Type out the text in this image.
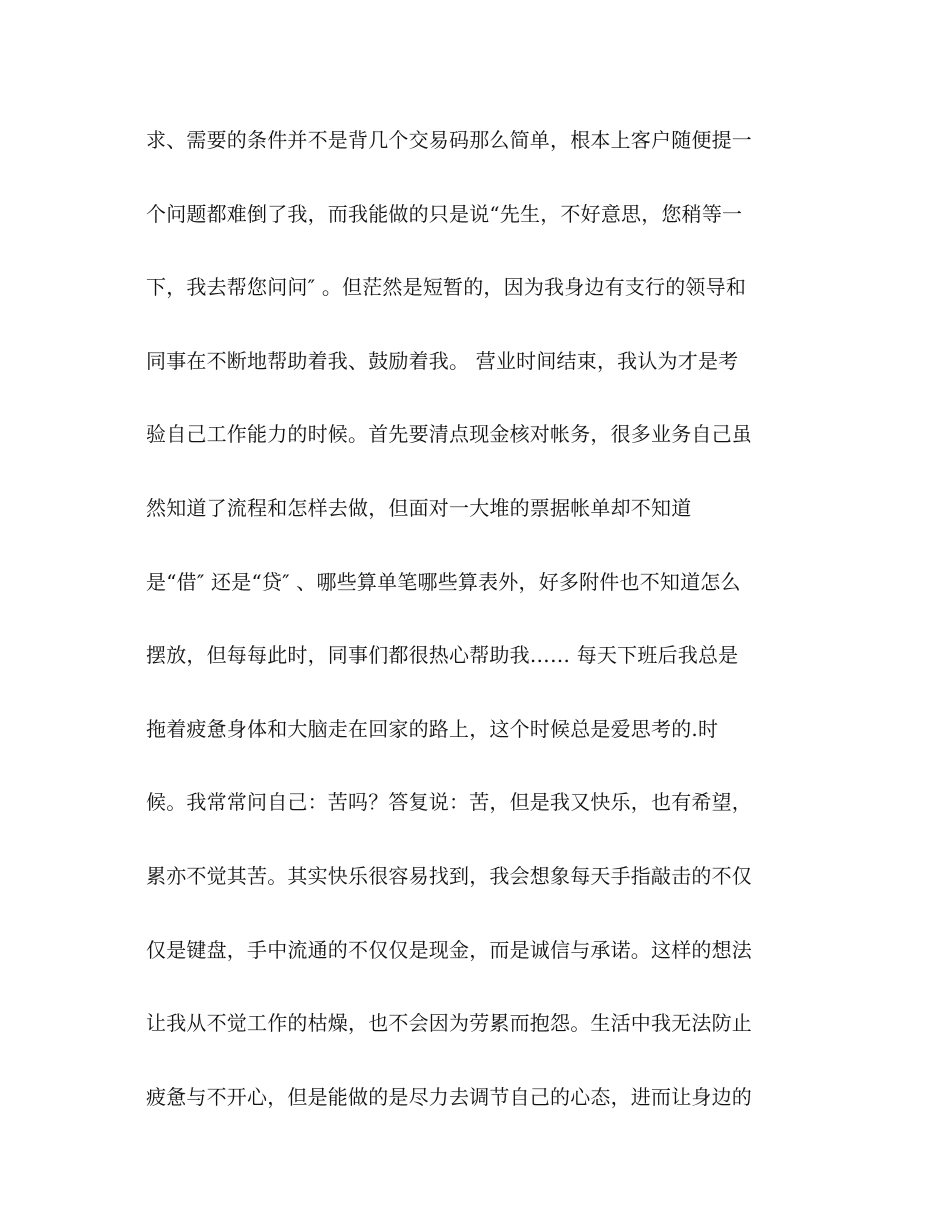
求、需要的条件并不是背几个交易码那么简单，根本上客户随便提一
个问题都难倒了我，而我能做的只是说“先生，不好意思，您稍等一
下，我去帮您问问″ 。但茫然是短暂的，因为我身边有支行的领导和
同事在不断地帮助着我、鼓励着我。 营业时间结束，我认为才是考
验自己工作能力的时候。首先要清点现金核对帐务，很多业务自己虽
然知道了流程和怎样去做，但面对一大堆的票据帐单却不知道
是“借″ 还是“贷″ 、哪些算单笔哪些算表外，好多附件也不知道怎么
摆放，但每每此时，同事们都很热心帮助我…… 每天下班后我总是
拖着疲惫身体和大脑走在回家的路上，这个时候总是爱思考的.时
候。我常常问自己：苦吗？答复说：苦，但是我又快乐，也有希望，
累亦不觉其苦。其实快乐很容易找到，我会想象每天手指敲击的不仅
仅是键盘，手中流通的不仅仅是现金，而是诚信与承诺。这样的想法
让我从不觉工作的枯燥，也不会因为劳累而抱怨。生活中我无法防止
疲惫与不开心，但是能做的是尽力去调节自己的心态，进而让身边的
